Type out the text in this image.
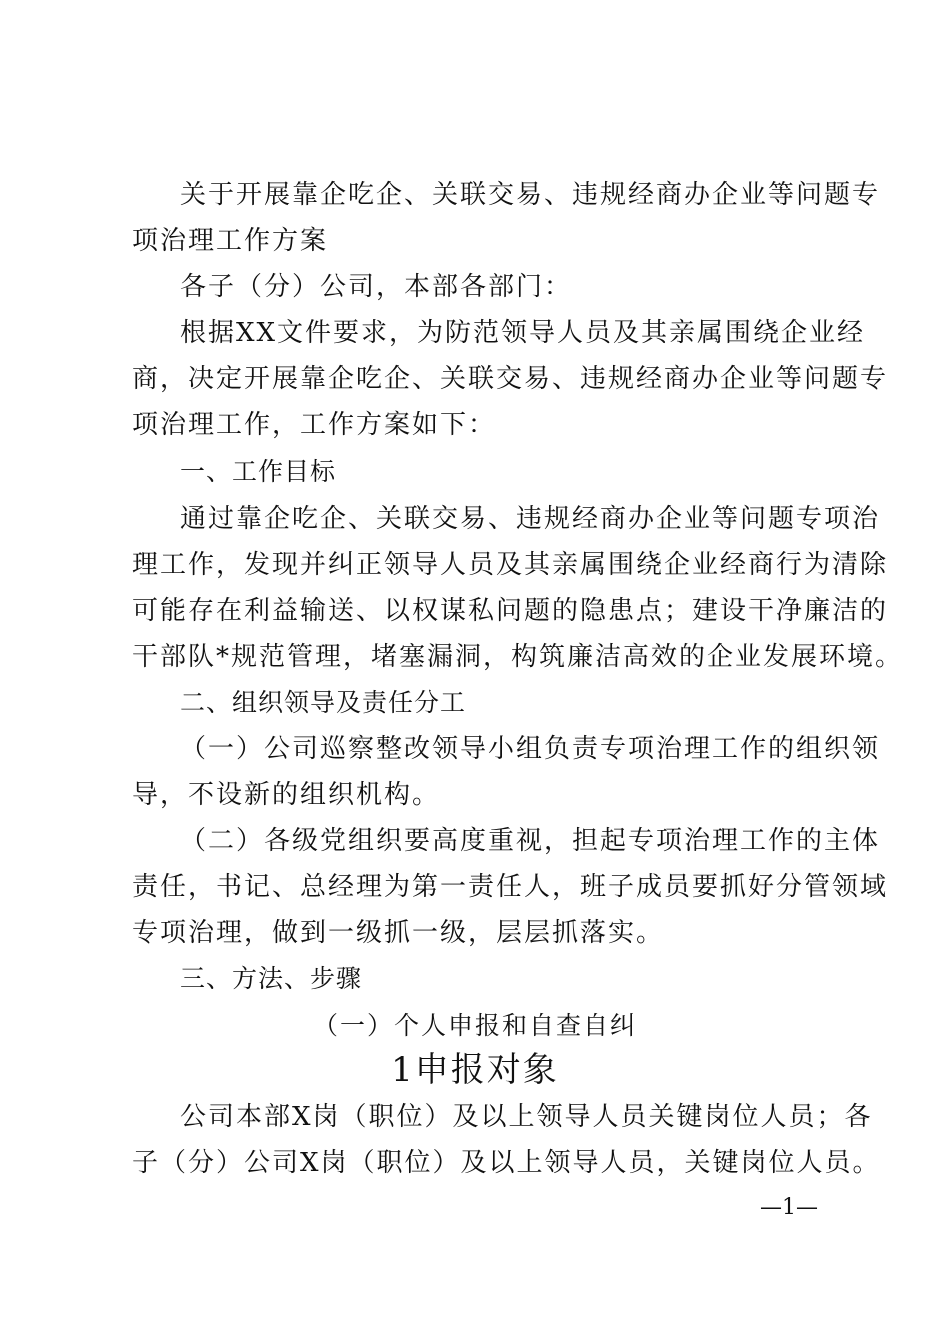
关于开展靠企吃企、关联交易、违规经商办企业等问题专
项治理工作方案
各子（分）公司，本部各部门：
根据XX文件要求，为防范领导人员及其亲属围绕企业经
商，决定开展靠企吃企、关联交易、违规经商办企业等问题专
项治理工作，工作方案如下：
一、工作目标
通过靠企吃企、关联交易、违规经商办企业等问题专项治
理工作，发现并纠正领导人员及其亲属围绕企业经商行为清除
可能存在利益输送、以权谋私问题的隐患点；建设干净廉洁的
干部队*规范管理，堵塞漏洞，构筑廉洁高效的企业发展环境。
二、组织领导及责任分工
（一）公司巡察整改领导小组负责专项治理工作的组织领
导，不设新的组织机构。
（二）各级党组织要高度重视，担起专项治理工作的主体
责任，书记、总经理为第一责任人，班子成员要抓好分管领域
专项治理，做到一级抓一级，层层抓落实。
三、方法、步骤
（一）个人申报和自查自纠
1申报对象
公司本部X岗（职位）及以上领导人员关键岗位人员；各
子（分）公司X岗（职位）及以上领导人员，关键岗位人员。
—1—
